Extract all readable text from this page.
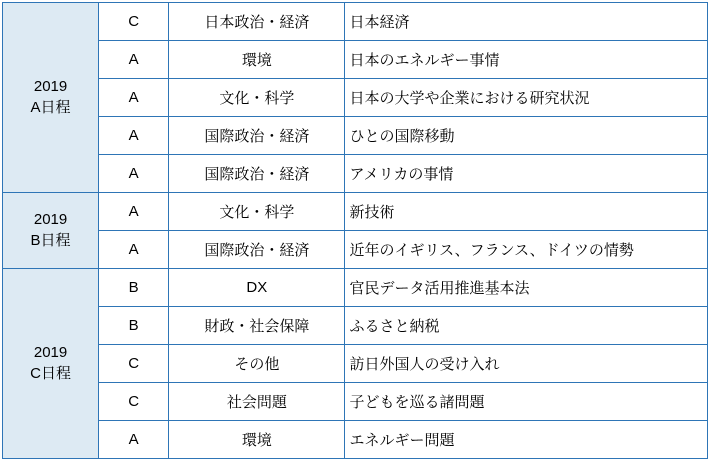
2019
A日程	C	日本政治・経済	日本経済
	A	環境	日本のエネルギー事情
	A	文化・科学	日本の大学や企業における研究状況
	A	国際政治・経済	ひとの国際移動
	A	国際政治・経済	アメリカの事情

2019
B日程	A	文化・科学	新技術
	A	国際政治・経済	近年のイギリス、フランス、ドイツの情勢

2019
C日程	B	DX	官民データ活用推進基本法
	B	財政・社会保障	ふるさと納税
	C	その他	訪日外国人の受け入れ
	C	社会問題	子どもを巡る諸問題
	A	環境	エネルギー問題
